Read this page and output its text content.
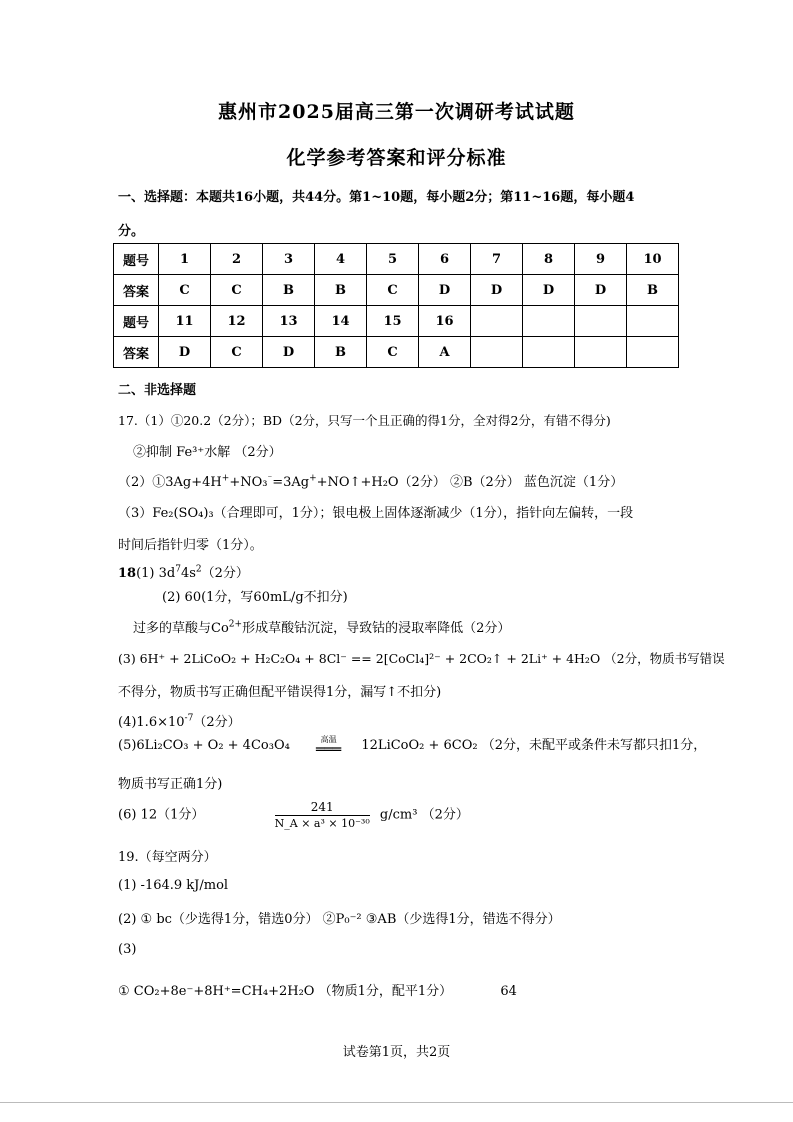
惠州市2025届高三第一次调研考试试题
化学参考答案和评分标准
一、选择题：本题共16小题，共44分。第1~10题，每小题2分；第11~16题，每小题4
分。
题号	1	2	3	4	5	6	7	8	9	10
答案	C	C	B	B	C	D	D	D	D	B
题号	11	12	13	14	15	16				
答案	D	C	D	B	C	A				
二、非选择题
17.（1）①20.2（2分）；BD（2分，只写一个且正确的得1分，全对得2分，有错不得分)
②抑制 Fe³⁺水解 （2分）
（2）①3Ag+4H++NO₃⁻=3Ag++NO↑+H₂O（2分） ②B（2分） 蓝色沉淀（1分）
（3）Fe₂(SO₄)₃（合理即可，1分）；银电极上固体逐渐减少（1分），指针向左偏转，一段
时间后指针归零（1分）。
18(1) $3d^74s^2(2$分）
(2) 60(1分，写60mL/g不扣分)
过多的草酸与$Co^{2+}$形成草酸钴沉淀，导致钴的浸取率降低（2分）
(3) 6H⁺ + 2LiCoO₂ + H₂C₂O₄ + 8Cl⁻ == 2[CoCl₄]²⁻ + 2CO₂↑ + 2Li⁺ + 4H₂O （2分，物质书写错误
不得分，物质书写正确但配平错误得1分，漏写↑不扣分)
$(4)1.6\times 10^{-7}(2$分）
(5)6Li₂CO₃ + O₂ + 4Co₃O₄	高温
═══ 12LiCoO₂ + 6CO₂ （2分，未配平或条件未写都只扣1分，
物质书写正确1分)
(6) 12（1分）	$\frac{241}{\text{N\_A × a³ × 10⁻³⁰}} g/cm^3$ （2分）
19.（每空两分）
(1) -164.9 kJ/mol
(2) ① bc（少选得1分，错选0分） ②P₀⁻² ③AB（少选得1分，错选不得分）
(3)
① CO₂+8e⁻+8H⁺=CH₄+2H₂O （物质1分，配平1分）	64
试卷第1页，共2页
